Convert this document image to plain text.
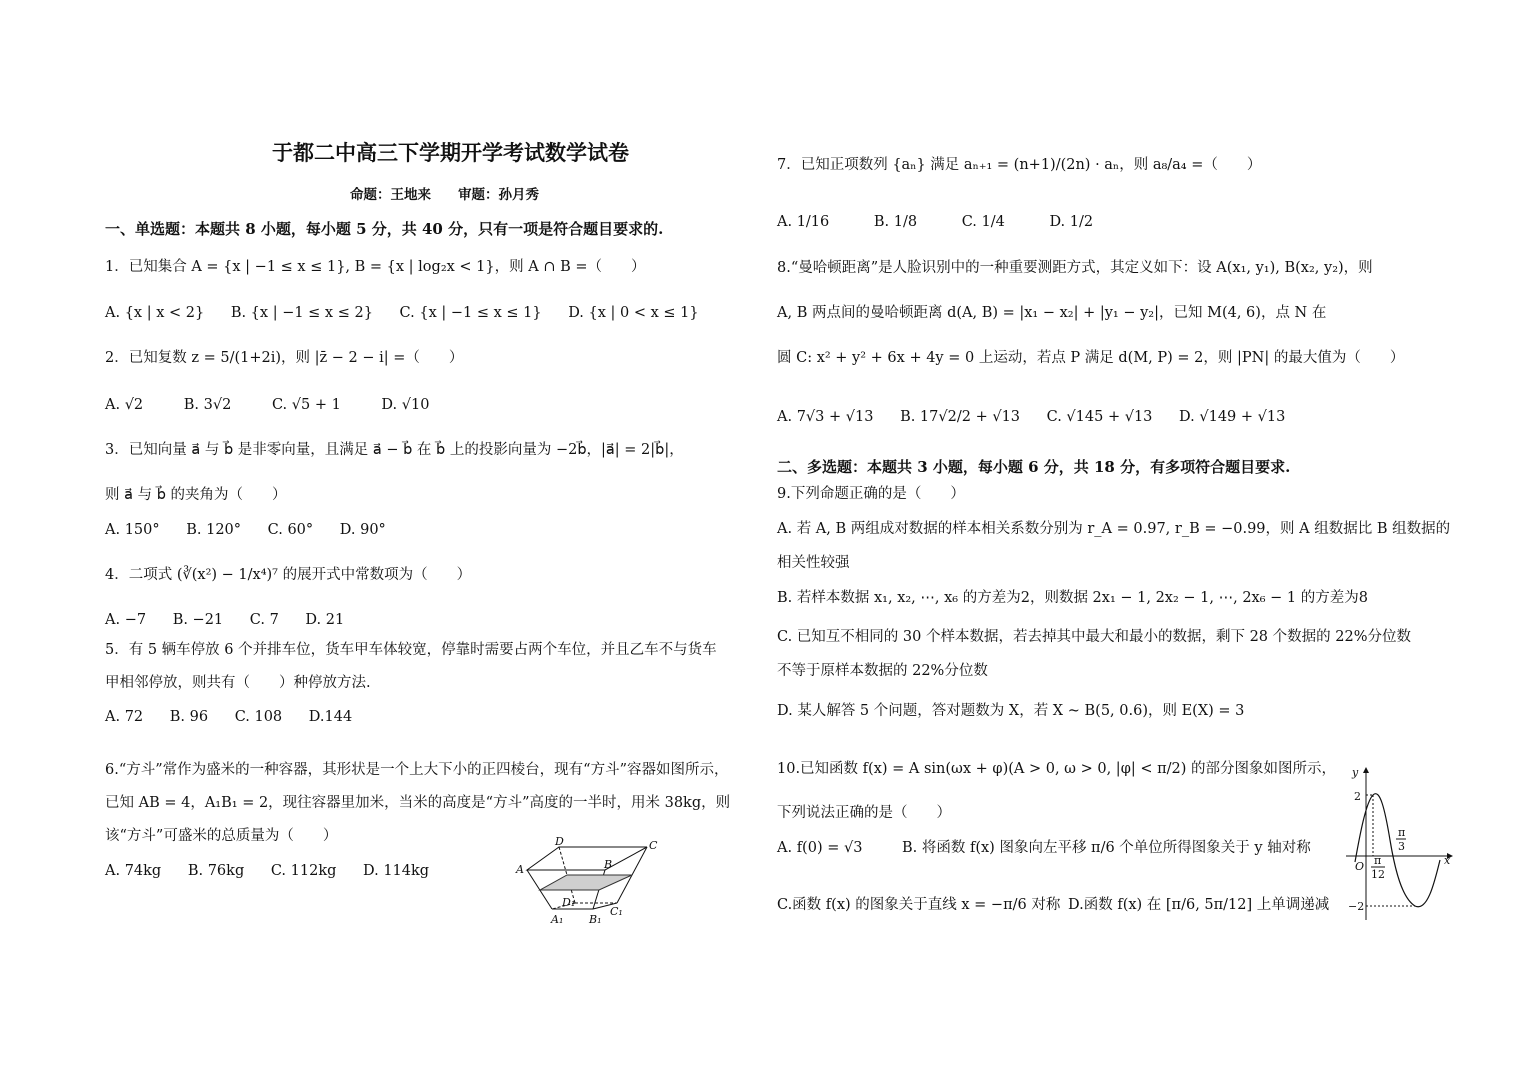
于都二中高三下学期开学考试数学试卷
命题：王地来　　审题：孙月秀
一、单选题：本题共 8 小题，每小题 5 分，共 40 分，只有一项是符合题目要求的.
1．已知集合 A = {x | −1 ≤ x ≤ 1}, B = {x | log₂x < 1}，则 A ∩ B =（　　）
A. {x | x < 2} B. {x | −1 ≤ x ≤ 2} C. {x | −1 ≤ x ≤ 1} D. {x | 0 < x ≤ 1}
2．已知复数 z = 5/(1+2i)，则 |z̄ − 2 − i| =（　　）
A. √2	B. 3√2	C. √5 + 1	D. √10
3．已知向量 a⃗ 与 b⃗ 是非零向量，且满足 a⃗ − b⃗ 在 b⃗ 上的投影向量为 −2b⃗，|a⃗| = 2|b⃗|，
则 a⃗ 与 b⃗ 的夹角为（　　）
A. 150° B. 120° C. 60° D. 90°
4．二项式 (∛(x²) − 1/x⁴)⁷ 的展开式中常数项为（　　）
A. −7 B. −21 C. 7 D. 21
5．有 5 辆车停放 6 个并排车位，货车甲车体较宽，停靠时需要占两个车位，并且乙车不与货车
甲相邻停放，则共有（　　）种停放方法.
A. 72 B. 96 C. 108 D.144
6.“方斗”常作为盛米的一种容器，其形状是一个上大下小的正四棱台，现有“方斗”容器如图所示，
已知 AB = 4，A₁B₁ = 2，现往容器里加米，当米的高度是“方斗”高度的一半时，用米 38kg，则
该“方斗”可盛米的总质量为（　　）
A. 74kg B. 76kg C. 112kg D. 114kg
D	C
A	B
D₁
A₁ B₁
C₁
7．已知正项数列 {aₙ} 满足 aₙ₊₁ = (n+1)/(2n) · aₙ，则 a₈/a₄ =（　　）
A. 1/16	B. 1/8	C. 1/4	D. 1/2
8.“曼哈顿距离”是人脸识别中的一种重要测距方式，其定义如下：设 A(x₁, y₁), B(x₂, y₂)，则
A, B 两点间的曼哈顿距离 d(A, B) = |x₁ − x₂| + |y₁ − y₂|，已知 M(4, 6)，点 N 在
圆 C: x² + y² + 6x + 4y = 0 上运动，若点 P 满足 d(M, P) = 2，则 |PN| 的最大值为（　　）
A. 7√3 + √13 B. 17√2/2 + √13 C. √145 + √13 D. √149 + √13
二、多选题：本题共 3 小题，每小题 6 分，共 18 分，有多项符合题目要求.
9.下列命题正确的是（　　）
A. 若 A, B 两组成对数据的样本相关系数分别为 r_A = 0.97, r_B = −0.99，则 A 组数据比 B 组数据的
相关性较强
B. 若样本数据 x₁, x₂, ⋯, x₆ 的方差为2，则数据 2x₁ − 1, 2x₂ − 1, ⋯, 2x₆ − 1 的方差为8
C. 已知互不相同的 30 个样本数据，若去掉其中最大和最小的数据，剩下 28 个数据的 22%分位数
不等于原样本数据的 22%分位数
D. 某人解答 5 个问题，答对题数为 X，若 X ~ B(5, 0.6)，则 E(X) = 3
10.已知函数 f(x) = A sin(ωx + φ)(A > 0, ω > 0, |φ| < π/2) 的部分图象如图所示，
下列说法正确的是（　　）
A. f(0) = √3	B. 将函数 f(x) 图象向左平移 π/6 个单位所得图象关于 y 轴对称
C.函数 f(x) 的图象关于直线 x = −π/6 对称 D.函数 f(x) 在 [π/6, 5π/12] 上单调递减
y
x
O
2
−2
π
3
π
12
